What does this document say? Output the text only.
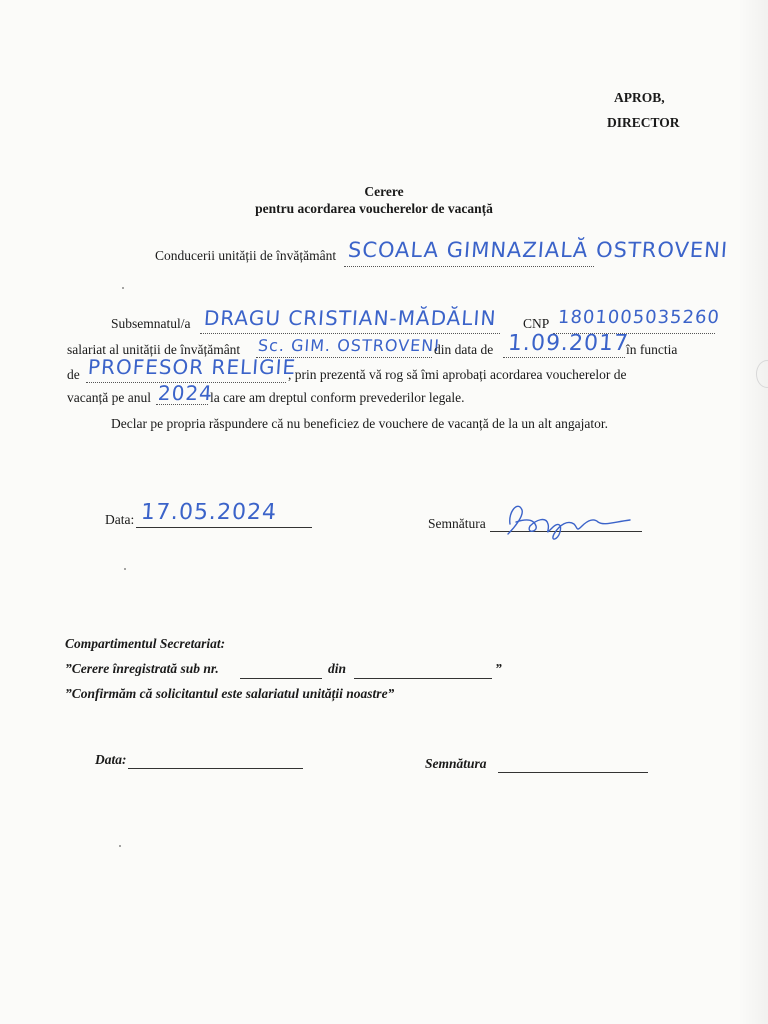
APROB,
DIRECTOR
Cerere
pentru acordarea voucherelor de vacanță
Conducerii unității de învățământ SCOALA GIMNAZIALĂ OSTROVENI
Subsemnatul/a DRAGU CRISTIAN-MĂDĂLIN CNP 1801005035260
salariat al unității de învățământ Sc. GIM. OSTROVENI
din data de 1.09.2017
în functia
de PROFESOR RELIGIE
, prin prezentă vă rog să îmi aprobați acordarea voucherelor de
vacanță pe anul 2024
la care am dreptul conform prevederilor legale.
Declar pe propria răspundere că nu beneficiez de vouchere de vacanță de la un alt angajator.
Data: 17.05.2024	Semnătura
Compartimentul Secretariat:
”Cerere înregistrată sub nr.	din	”
”Confirmăm că solicitantul este salariatul unității noastre”
Data:	Semnătura
